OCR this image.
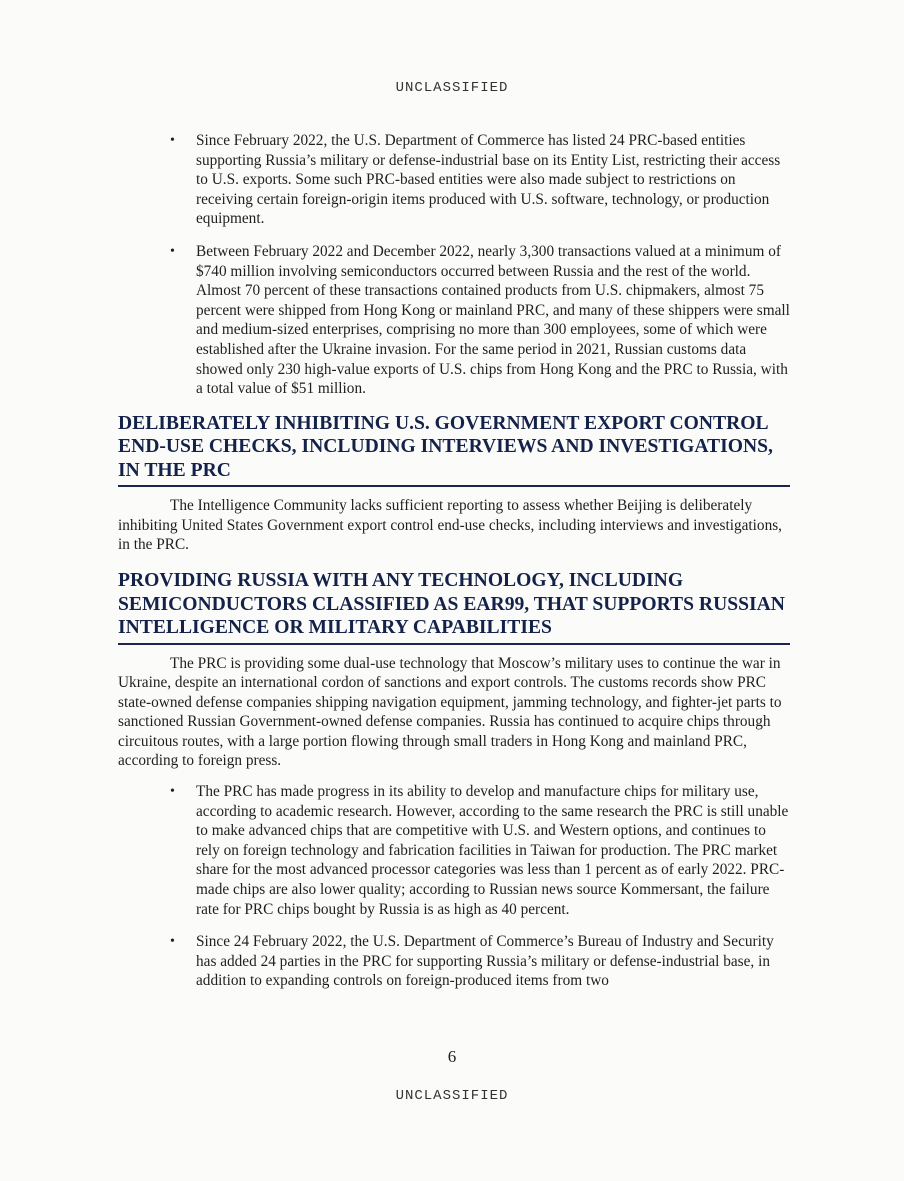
UNCLASSIFIED
• Since February 2022, the U.S. Department of Commerce has listed 24 PRC-based entities supporting Russia’s military or defense-industrial base on its Entity List, restricting their access to U.S. exports. Some such PRC-based entities were also made subject to restrictions on receiving certain foreign-origin items produced with U.S. software, technology, or production equipment.
• Between February 2022 and December 2022, nearly 3,300 transactions valued at a minimum of $740 million involving semiconductors occurred between Russia and the rest of the world. Almost 70 percent of these transactions contained products from U.S. chipmakers, almost 75 percent were shipped from Hong Kong or mainland PRC, and many of these shippers were small and medium-sized enterprises, comprising no more than 300 employees, some of which were established after the Ukraine invasion. For the same period in 2021, Russian customs data showed only 230 high-value exports of U.S. chips from Hong Kong and the PRC to Russia, with a total value of $51 million.
DELIBERATELY INHIBITING U.S. GOVERNMENT EXPORT CONTROL END-USE CHECKS, INCLUDING INTERVIEWS AND INVESTIGATIONS, IN THE PRC

The Intelligence Community lacks sufficient reporting to assess whether Beijing is deliberately inhibiting United States Government export control end-use checks, including interviews and investigations, in the PRC.

PROVIDING RUSSIA WITH ANY TECHNOLOGY, INCLUDING SEMICONDUCTORS CLASSIFIED AS EAR99, THAT SUPPORTS RUSSIAN INTELLIGENCE OR MILITARY CAPABILITIES

The PRC is providing some dual-use technology that Moscow’s military uses to continue the war in Ukraine, despite an international cordon of sanctions and export controls. The customs records show PRC state-owned defense companies shipping navigation equipment, jamming technology, and fighter-jet parts to sanctioned Russian Government-owned defense companies. Russia has continued to acquire chips through circuitous routes, with a large portion flowing through small traders in Hong Kong and mainland PRC, according to foreign press.

• The PRC has made progress in its ability to develop and manufacture chips for military use, according to academic research. However, according to the same research the PRC is still unable to make advanced chips that are competitive with U.S. and Western options, and continues to rely on foreign technology and fabrication facilities in Taiwan for production. The PRC market share for the most advanced processor categories was less than 1 percent as of early 2022. PRC-made chips are also lower quality; according to Russian news source Kommersant, the failure rate for PRC chips bought by Russia is as high as 40 percent.
• Since 24 February 2022, the U.S. Department of Commerce’s Bureau of Industry and Security has added 24 parties in the PRC for supporting Russia’s military or defense-industrial base, in addition to expanding controls on foreign-produced items from two
6
UNCLASSIFIED
